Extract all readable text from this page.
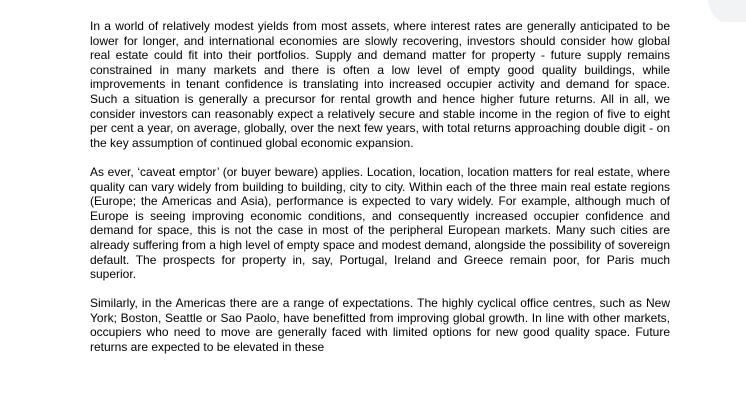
In a world of relatively modest yields from most assets, where interest rates are generally anticipated to be lower for longer, and international economies are slowly recovering, investors should consider how global real estate could fit into their portfolios. Supply and demand matter for property - future supply remains constrained in many markets and there is often a low level of empty good quality buildings, while improvements in tenant confidence is translating into increased occupier activity and demand for space. Such a situation is generally a precursor for rental growth and hence higher future returns. All in all, we consider investors can reasonably expect a relatively secure and stable income in the region of five to eight per cent a year, on average, globally, over the next few years, with total returns approaching double digit - on the key assumption of continued global economic expansion.

As ever, ‘caveat emptor’ (or buyer beware) applies. Location, location, location matters for real estate, where quality can vary widely from building to building, city to city. Within each of the three main real estate regions (Europe; the Americas and Asia), performance is expected to vary widely. For example, although much of Europe is seeing improving economic conditions, and consequently increased occupier confidence and demand for space, this is not the case in most of the peripheral European markets. Many such cities are already suffering from a high level of empty space and modest demand, alongside the possibility of sovereign default. The prospects for property in, say, Portugal, Ireland and Greece remain poor, for Paris much superior.

Similarly, in the Americas there are a range of expectations. The highly cyclical office centres, such as New York; Boston, Seattle or Sao Paolo, have benefitted from improving global growth. In line with other markets, occupiers who need to move are generally faced with limited options for new good quality space. Future returns are expected to be elevated in these
